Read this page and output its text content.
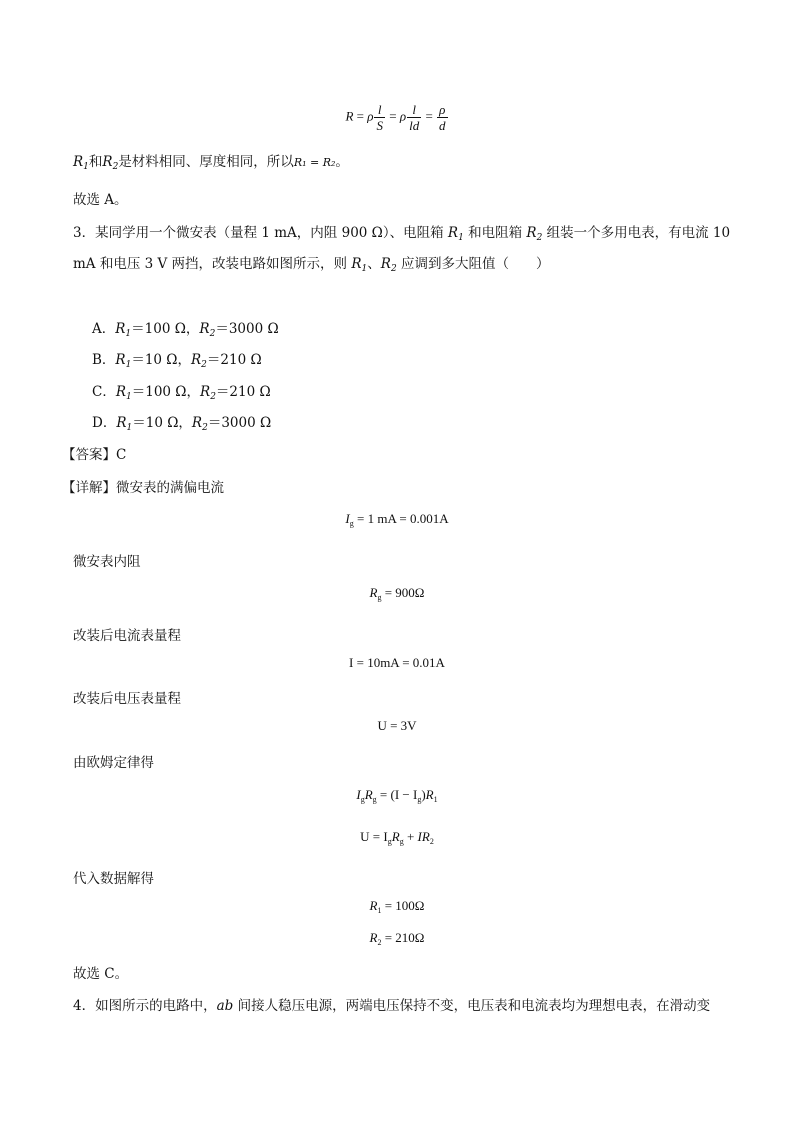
R = ρ $\frac{l}{S} = \rho \frac{l}{ld} = \frac{\rho}{d}$
$R_1$和$R_2$是材料相同、厚度相同，所以R₁ = R₂。
故选 A。
3．某同学用一个微安表（量程 1 mA，内阻 900 Ω）、电阻箱 $R_1$ 和电阻箱 $R_2$ 组装一个多用电表，有电流 10
mA 和电压 3 V 两挡，改装电路如图所示，则 $R_1$、$R_2$ 应调到多大阻值（　　）
A．$R_1=100$ Ω，$R_2=3000$ Ω
B．$R_1=10$ Ω，$R_2=210$ Ω
C．$R_1=100$ Ω，$R_2=210$ Ω
D．$R_1=10$ Ω，$R_2=3000$ Ω
【答案】C
【详解】微安表的满偏电流
$I_g = 1$ mA = 0.001A
微安表内阻
$R_g = 900\Omega$
改装后电流表量程
I = 10mA = 0.01A
改装后电压表量程
U = 3V
由欧姆定律得
$I_gR_g = (I - I_g)R_1$
$U = I_gR_g + IR_2$
代入数据解得
$R_1 = 100\Omega$
$R_2 = 210\Omega$
故选 C。
4．如图所示的电路中，ab 间接人稳压电源，两端电压保持不变，电压表和电流表均为理想电表，在滑动变
